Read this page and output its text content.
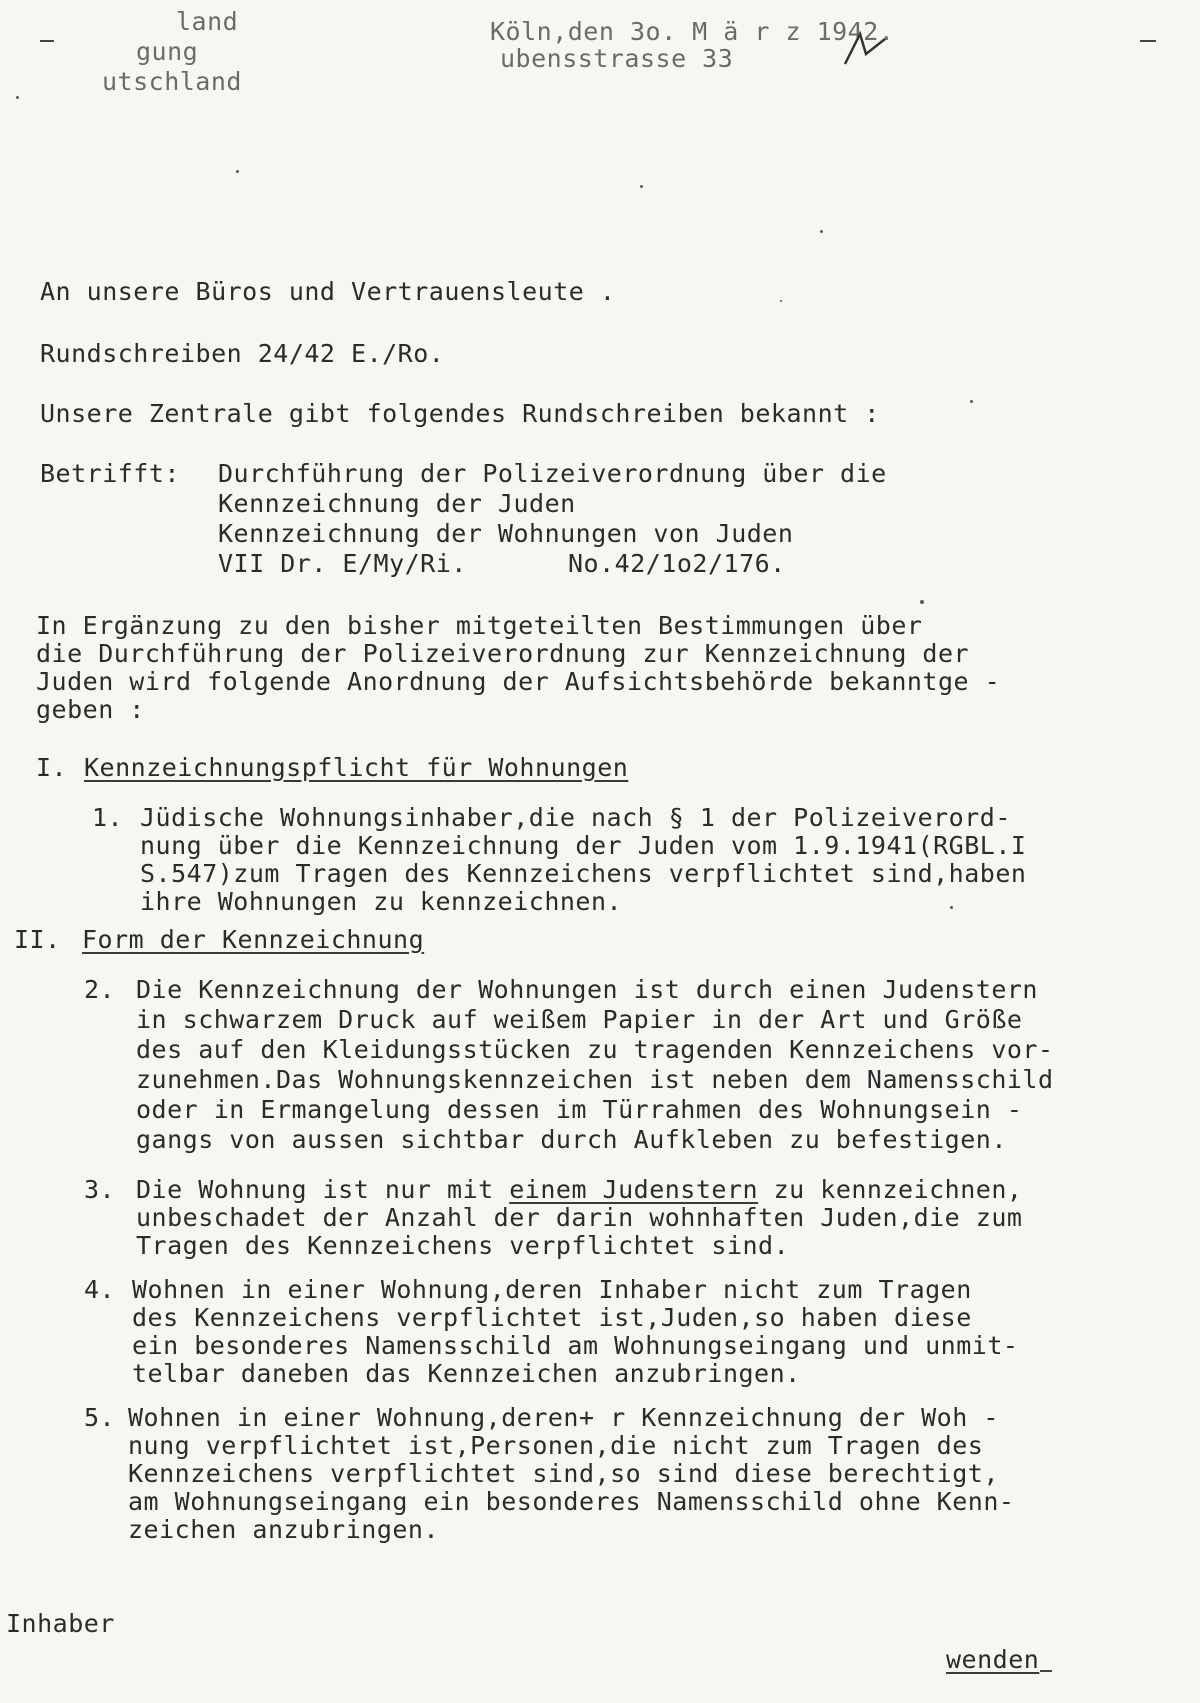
land
gung
utschland
Köln,den 3o. M ä r z 1942.
ubensstrasse 33
An unsere Büros und Vertrauensleute .
Rundschreiben 24/42 E./Ro.
Unsere Zentrale gibt folgendes Rundschreiben bekannt :
Betrifft: Durchführung der Polizeiverordnung über die
Kennzeichnung der Juden
Kennzeichnung der Wohnungen von Juden
VII Dr. E/My/Ri.	No.42/1o2/176.
In Ergänzung zu den bisher mitgeteilten Bestimmungen über
die Durchführung der Polizeiverordnung zur Kennzeichnung der
Juden wird folgende Anordnung der Aufsichtsbehörde bekanntge -
geben :
I. Kennzeichnungspflicht für Wohnungen
1. Jüdische Wohnungsinhaber,die nach § 1 der Polizeiverord-
nung über die Kennzeichnung der Juden vom 1.9.1941(RGBL.I
S.547)zum Tragen des Kennzeichens verpflichtet sind,haben
ihre Wohnungen zu kennzeichnen.
II. Form der Kennzeichnung
2. Die Kennzeichnung der Wohnungen ist durch einen Judenstern
in schwarzem Druck auf weißem Papier in der Art und Größe
des auf den Kleidungsstücken zu tragenden Kennzeichens vor-
zunehmen.Das Wohnungskennzeichen ist neben dem Namensschild
oder in Ermangelung dessen im Türrahmen des Wohnungsein -
gangs von aussen sichtbar durch Aufkleben zu befestigen.
3. Die Wohnung ist nur mit einem Judenstern zu kennzeichnen,
unbeschadet der Anzahl der darin wohnhaften Juden,die zum
Tragen des Kennzeichens verpflichtet sind.
4. Wohnen in einer Wohnung,deren Inhaber nicht zum Tragen
des Kennzeichens verpflichtet ist,Juden,so haben diese
ein besonderes Namensschild am Wohnungseingang und unmit-
telbar daneben das Kennzeichen anzubringen.
5. Wohnen in einer Wohnung,deren+ r Kennzeichnung der Woh -
nung verpflichtet ist,Personen,die nicht zum Tragen des
Kennzeichens verpflichtet sind,so sind diese berechtigt,
am Wohnungseingang ein besonderes Namensschild ohne Kenn-
zeichen anzubringen.
Inhaber
wenden
